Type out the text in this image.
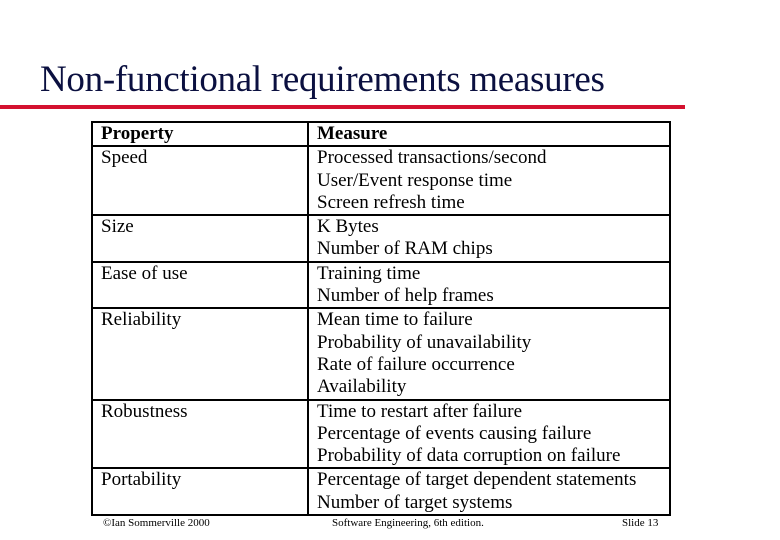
Non-functional requirements measures
Property	Measure
Speed	Processed transactions/second
User/Event response time
Screen refresh time

Size	K Bytes
Number of RAM chips

Ease of use	Training time
Number of help frames

Reliability	Mean time to failure
Probability of unavailability
Rate of failure occurrence
Availability

Robustness	Time to restart after failure
Percentage of events causing failure
Probability of data corruption on failure

Portability	Percentage of target dependent statements
Number of target systems
©Ian Sommerville 2000	Software Engineering, 6th edition.	Slide 13
